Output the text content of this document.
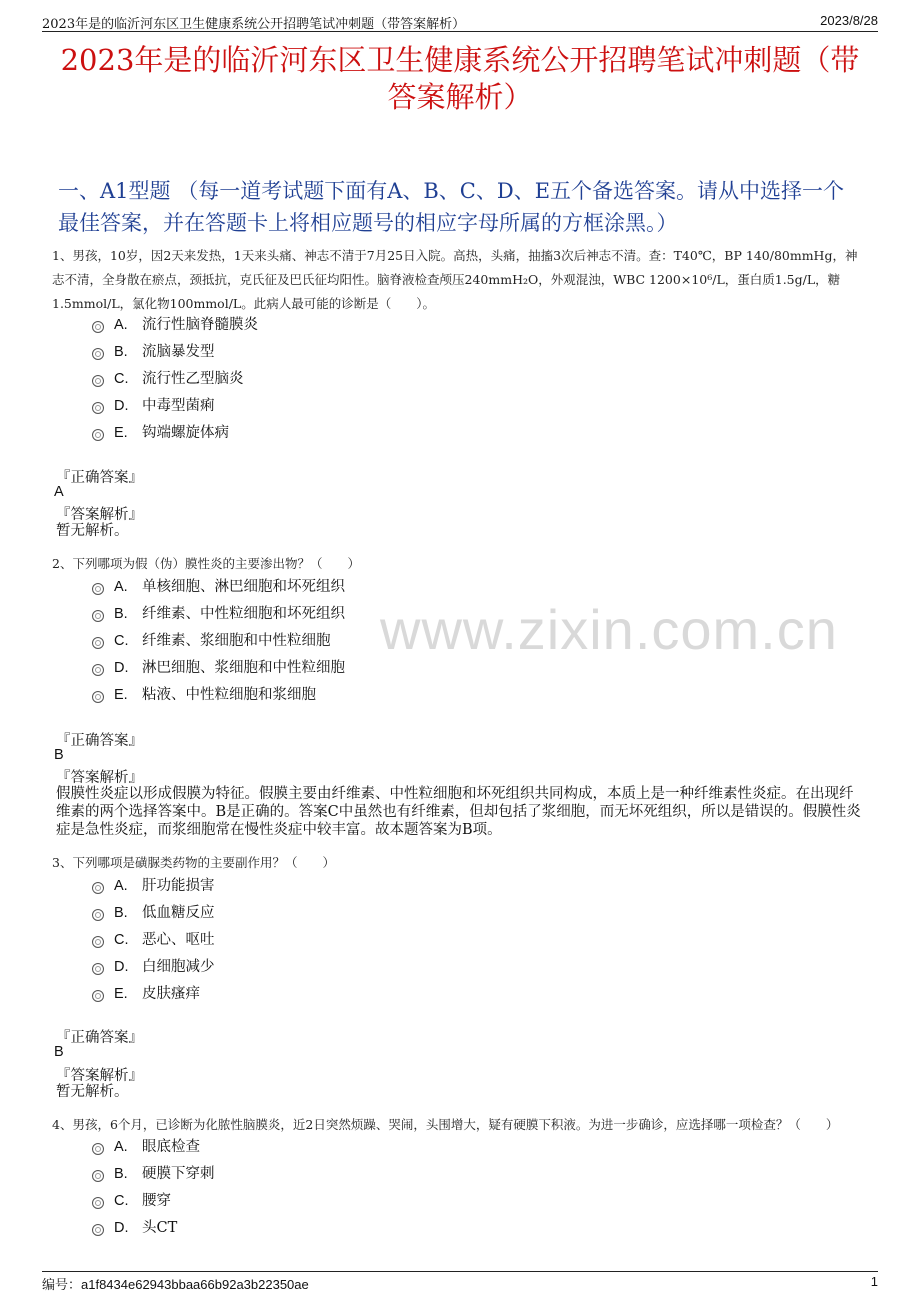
2023年是的临沂河东区卫生健康系统公开招聘笔试冲刺题（带答案解析）	2023/8/28
2023年是的临沂河东区卫生健康系统公开招聘笔试冲刺题（带答案解析）
一、A1型题 （每一道考试题下面有A、B、C、D、E五个备选答案。请从中选择一个最佳答案，并在答题卡上将相应题号的相应字母所属的方框涂黑。）
www.zixin.com.cn
1、男孩，10岁，因2天来发热，1天来头痛、神志不清于7月25日入院。高热，头痛，抽搐3次后神志不清。查：T40℃，BP 140/80mmHg，神志不清，全身散在瘀点，颈抵抗，克氏征及巴氏征均阳性。脑脊液检查颅压240mmH₂O，外观混浊，WBC 1200×10⁶/L，蛋白质1.5g/L，糖1.5mmol/L，氯化物100mmol/L。此病人最可能的诊断是（　　）。
A. 流行性脑脊髓膜炎
B. 流脑暴发型
C. 流行性乙型脑炎
D. 中毒型菌痢
E. 钩端螺旋体病
『正确答案』
A
『答案解析』
暂无解析。
2、下列哪项为假（伪）膜性炎的主要渗出物？（　　）
A. 单核细胞、淋巴细胞和坏死组织
B. 纤维素、中性粒细胞和坏死组织
C. 纤维素、浆细胞和中性粒细胞
D. 淋巴细胞、浆细胞和中性粒细胞
E. 粘液、中性粒细胞和浆细胞
『正确答案』
B
『答案解析』
假膜性炎症以形成假膜为特征。假膜主要由纤维素、中性粒细胞和坏死组织共同构成，本质上是一种纤维素性炎症。在出现纤维素的两个选择答案中。B是正确的。答案C中虽然也有纤维素，但却包括了浆细胞，而无坏死组织，所以是错误的。假膜性炎症是急性炎症，而浆细胞常在慢性炎症中较丰富。故本题答案为B项。
3、下列哪项是磺脲类药物的主要副作用？（　　）
A. 肝功能损害
B. 低血糖反应
C. 恶心、呕吐
D. 白细胞减少
E. 皮肤瘙痒
『正确答案』
B
『答案解析』
暂无解析。
4、男孩，6个月，已诊断为化脓性脑膜炎，近2日突然烦躁、哭闹，头围增大，疑有硬膜下积液。为进一步确诊，应选择哪一项检查？（　　）
A. 眼底检查
B. 硬膜下穿刺
C. 腰穿
D. 头CT
编号：a1f8434e62943bbaa66b92a3b22350ae	1
